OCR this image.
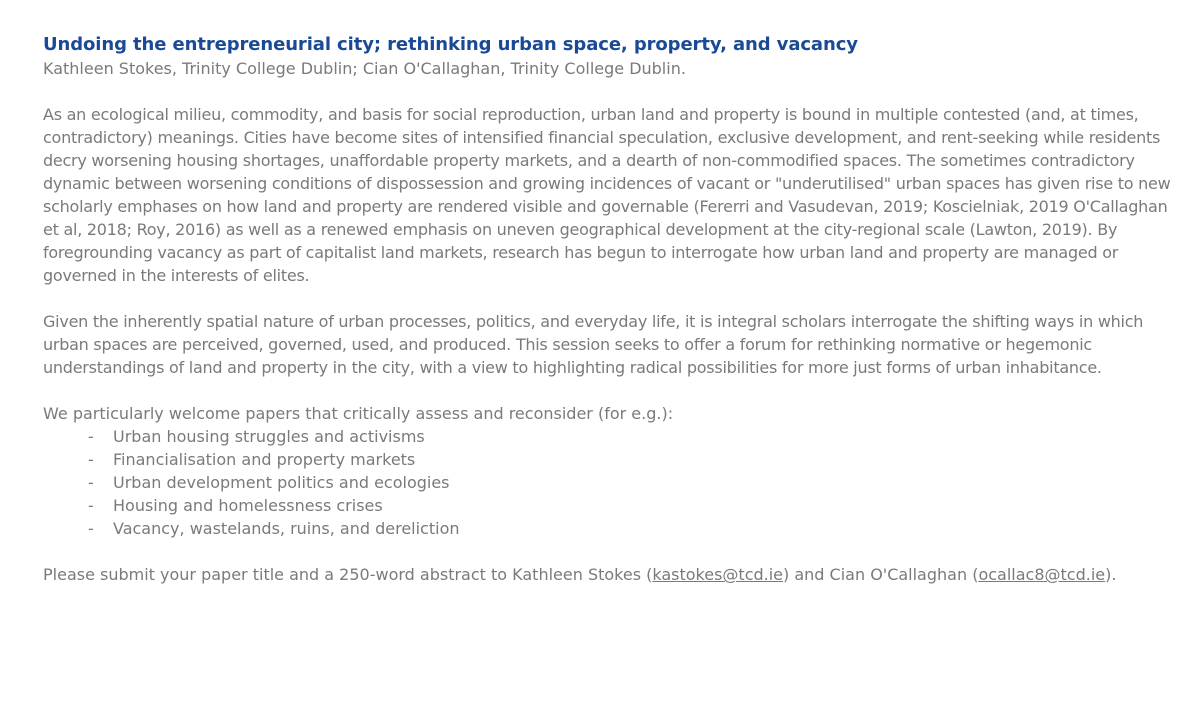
Undoing the entrepreneurial city; rethinking urban space, property, and vacancy

Kathleen Stokes, Trinity College Dublin; Cian O'Callaghan, Trinity College Dublin.

As an ecological milieu, commodity, and basis for social reproduction, urban land and property is bound in multiple contested (and, at times, contradictory) meanings. Cities have become sites of intensified financial speculation, exclusive development, and rent-seeking while residents decry worsening housing shortages, unaffordable property markets, and a dearth of non-commodified spaces. The sometimes contradictory dynamic between worsening conditions of dispossession and growing incidences of vacant or "underutilised" urban spaces has given rise to new scholarly emphases on how land and property are rendered visible and governable (Fererri and Vasudevan, 2019; Koscielniak, 2019 O'Callaghan et al, 2018; Roy, 2016) as well as a renewed emphasis on uneven geographical development at the city-regional scale (Lawton, 2019). By foregrounding vacancy as part of capitalist land markets, research has begun to interrogate how urban land and property are managed or governed in the interests of elites.

Given the inherently spatial nature of urban processes, politics, and everyday life, it is integral scholars interrogate the shifting ways in which urban spaces are perceived, governed, used, and produced. This session seeks to offer a forum for rethinking normative or hegemonic understandings of land and property in the city, with a view to highlighting radical possibilities for more just forms of urban inhabitance.

We particularly welcome papers that critically assess and reconsider (for e.g.):

- Urban housing struggles and activisms
- Financialisation and property markets
- Urban development politics and ecologies
- Housing and homelessness crises
- Vacancy, wastelands, ruins, and dereliction

Please submit your paper title and a 250-word abstract to Kathleen Stokes (kastokes@tcd.ie) and Cian O'Callaghan (ocallac8@tcd.ie).
